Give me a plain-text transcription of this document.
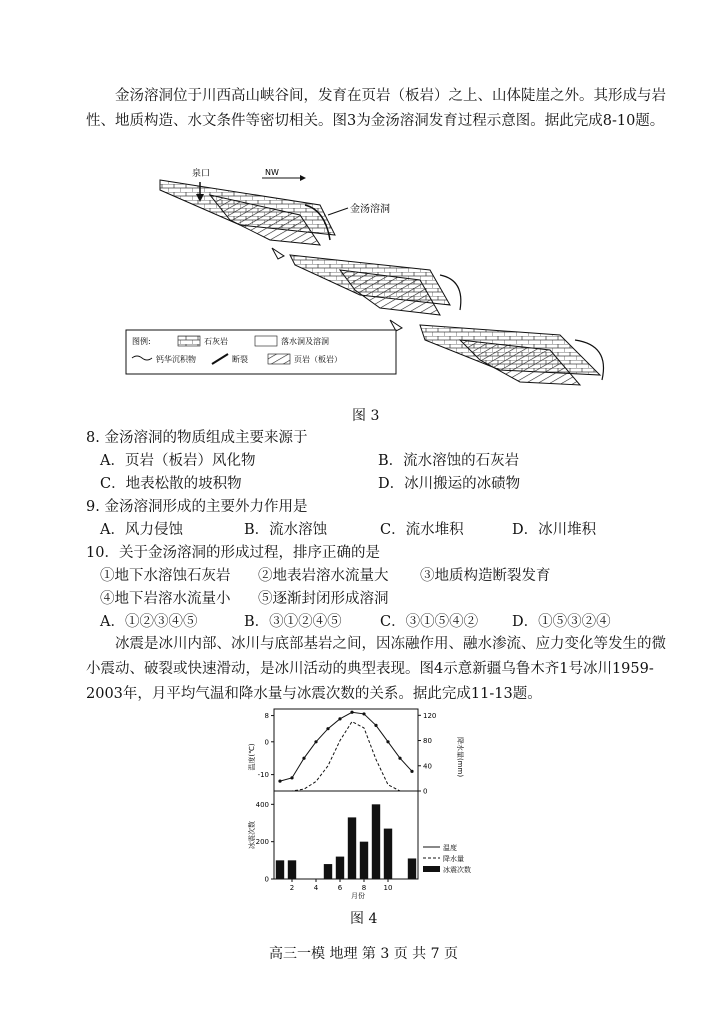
金汤溶洞位于川西高山峡谷间，发育在页岩（板岩）之上、山体陡崖之外。其形成与岩性、地质构造、水文条件等密切相关。图3为金汤溶洞发育过程示意图。据此完成8-10题。
泉口	NW
金汤溶洞
图例:	石灰岩	落水洞及溶洞
钙华沉积物	断裂	页岩（板岩）
图 3
8. 金汤溶洞的物质组成主要来源于
A．页岩（板岩）风化物	B．流水溶蚀的石灰岩
C．地表松散的坡积物	D．冰川搬运的冰碛物
9. 金汤溶洞形成的主要外力作用是
A．风力侵蚀	B．流水溶蚀	C．流水堆积	D．冰川堆积
10．关于金汤溶洞的形成过程，排序正确的是
①地下水溶蚀石灰岩 ②地表岩溶水流量大 ③地质构造断裂发育
④地下岩溶水流量小 ⑤逐渐封闭形成溶洞
A．①②③④⑤	B．③①②④⑤	C．③①⑤④② D．①⑤③②④
冰震是冰川内部、冰川与底部基岩之间，因冻融作用、融水渗流、应力变化等发生的微小震动、破裂或快速滑动，是冰川活动的典型表现。图4示意新疆乌鲁木齐1号冰川1959-2003年，月平均气温和降水量与冰震次数的关系。据此完成11-13题。
温度(℃)	降水量(mm)
冰震次数
月份
温度
降水量
冰震次数
8
0
-10
120
80
40
0
400
200
0
2	4	6	8 10
图 4
高三一模 地理 第 3 页 共 7 页
